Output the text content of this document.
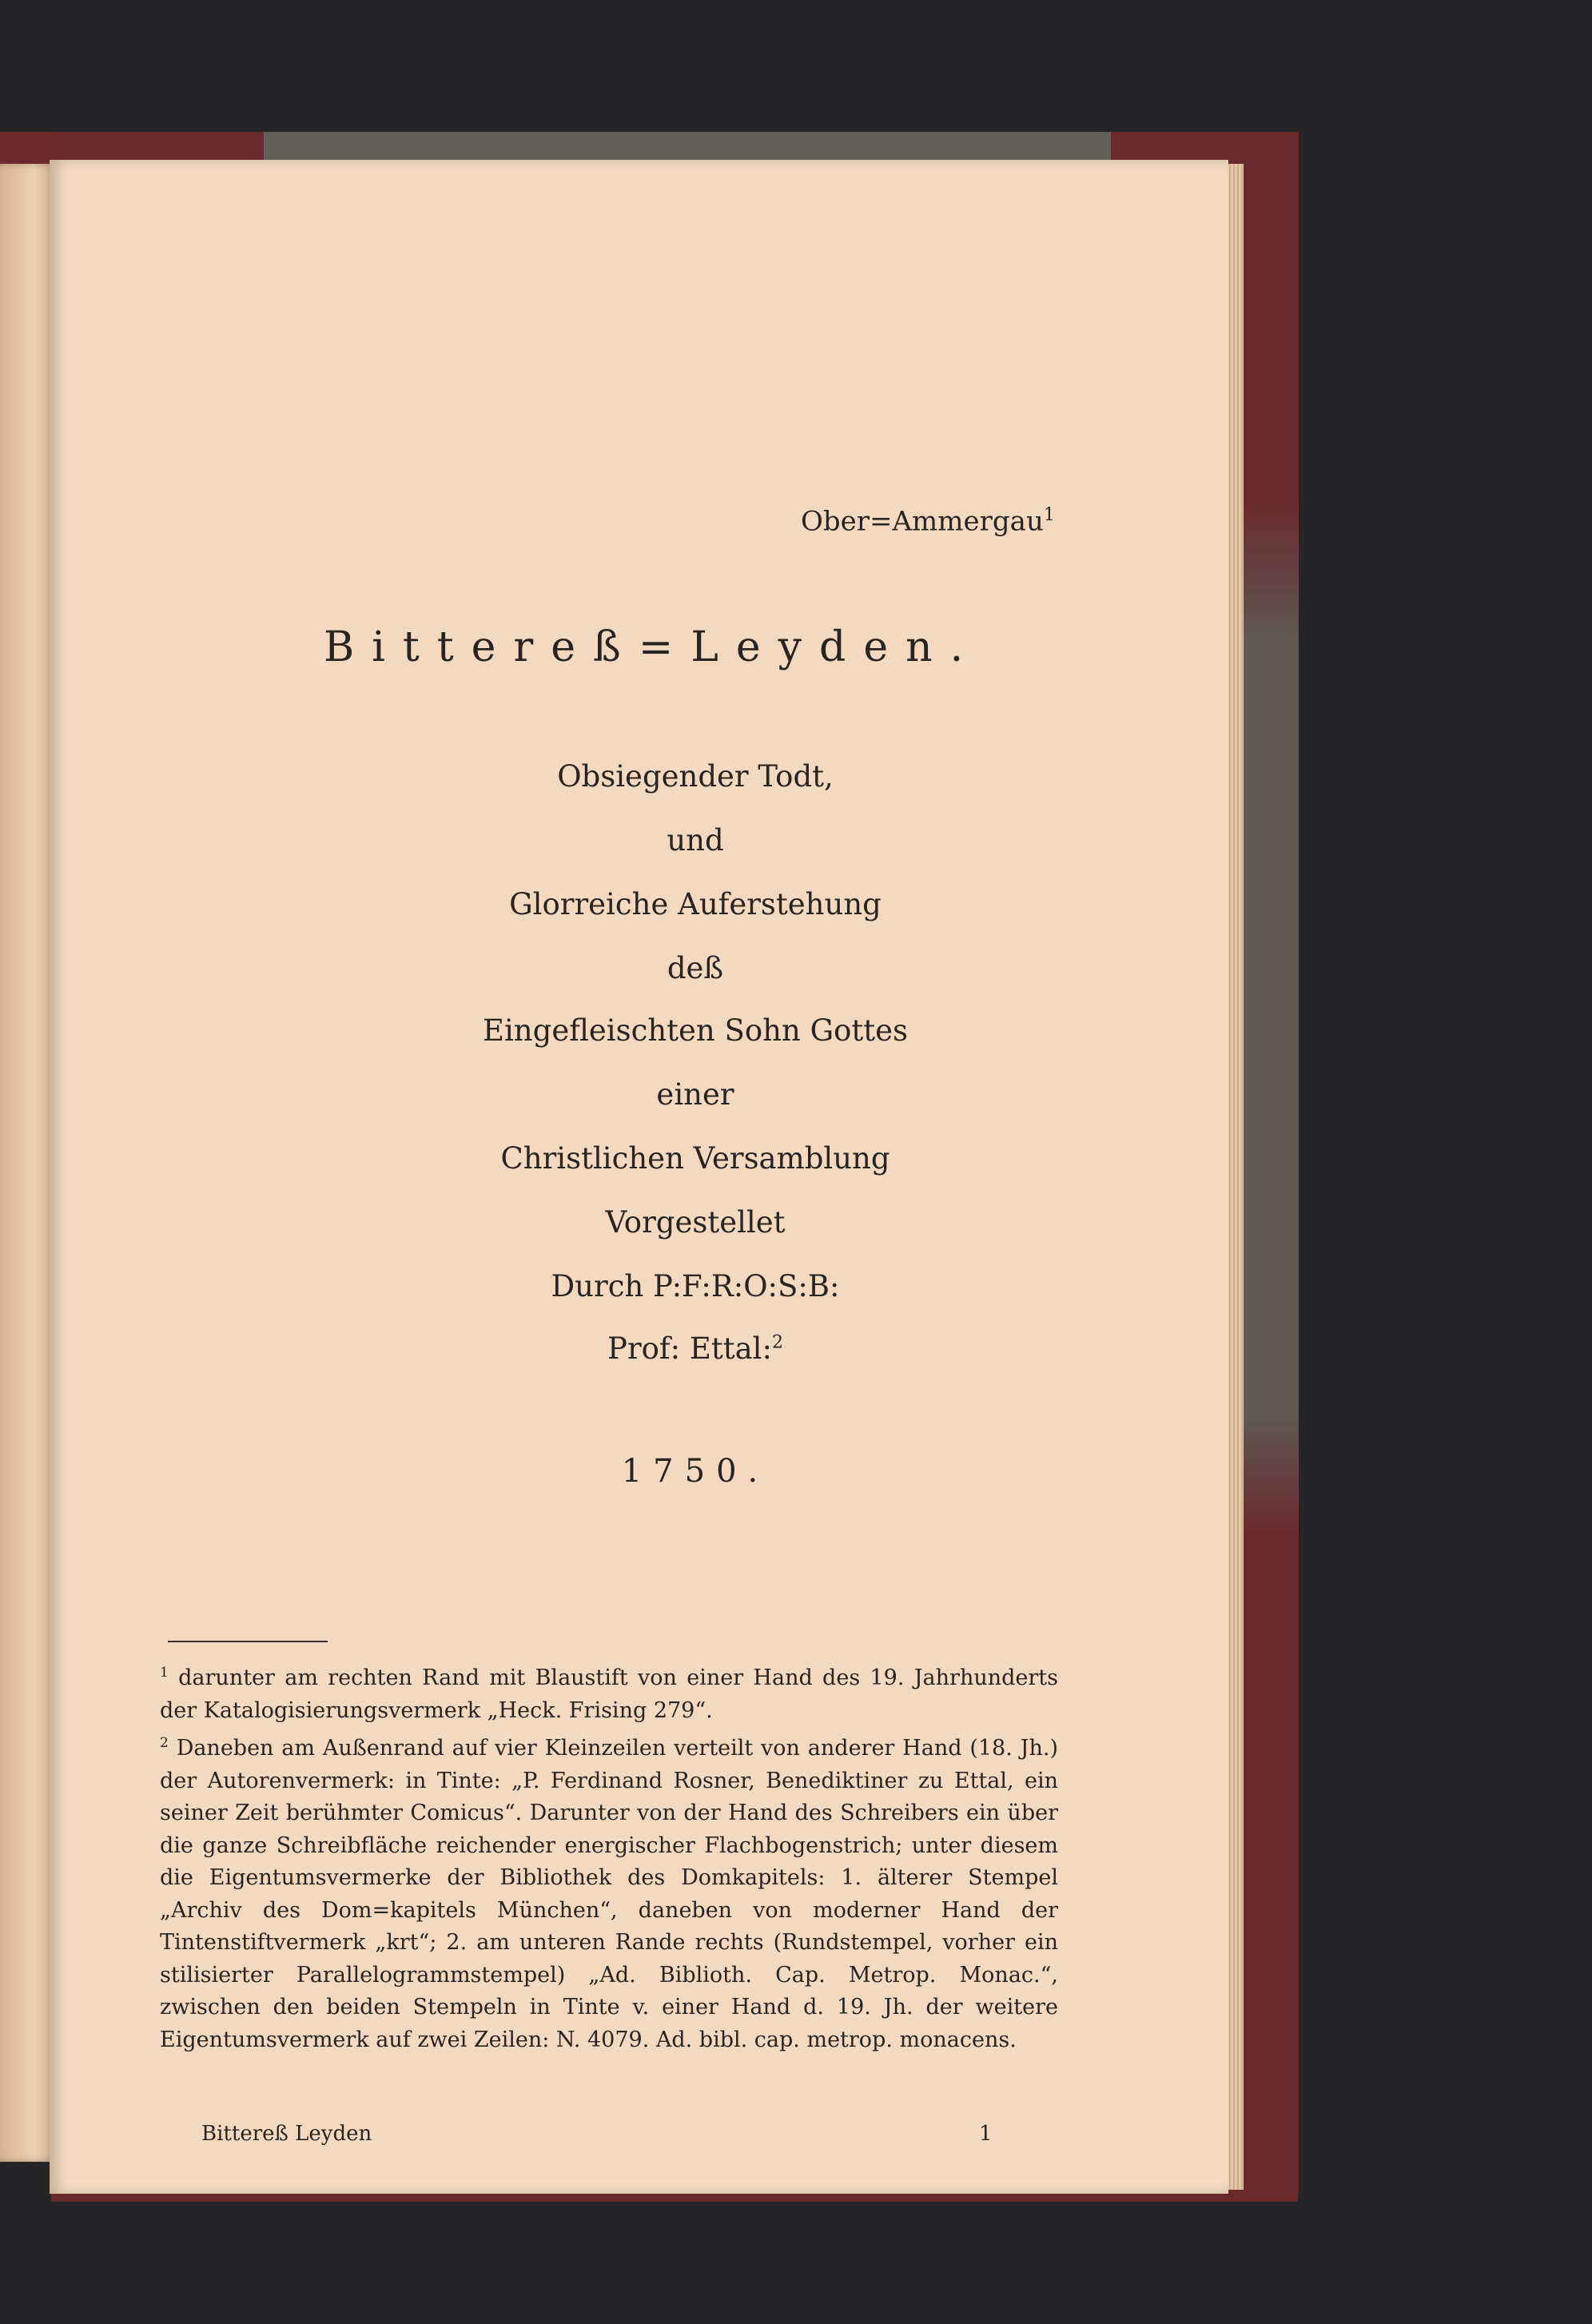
Ober=Ammergau$^1$
Bittereß=Leyden.
Obsiegender Todt,
und
Glorreiche Auferstehung
deß
Eingefleischten Sohn Gottes
einer
Christlichen Versamblung
Vorgestellet
Durch P:F:R:O:S:B:
Prof: Ettal:$^2$
1750.

$^1$ darunter am rechten Rand mit Blaustift von einer Hand des 19. Jahrhunderts der Katalogisierungsvermerk „Heck. Frising 279“.

$^2$ Daneben am Außenrand auf vier Kleinzeilen verteilt von anderer Hand (18. Jh.) der Autorenvermerk: in Tinte: „P. Ferdinand Rosner, Benediktiner zu Ettal, ein seiner Zeit berühmter Comicus“. Darunter von der Hand des Schreibers ein über die ganze Schreibfläche reichender energischer Flachbogenstrich; unter diesem die Eigentumsvermerke der Bibliothek des Domkapitels: 1. älterer Stempel „Archiv des Dom=kapitels München“, daneben von moderner Hand der Tintenstiftvermerk „krt“; 2. am unteren Rande rechts (Rundstempel, vorher ein stilisierter Parallelogrammstempel) „Ad. Biblioth. Cap. Metrop. Monac.“, zwischen den beiden Stempeln in Tinte v. einer Hand d. 19. Jh. der weitere Eigentumsvermerk auf zwei Zeilen: N. 4079. Ad. bibl. cap. metrop. monacens.

Bittereß Leyden	1
